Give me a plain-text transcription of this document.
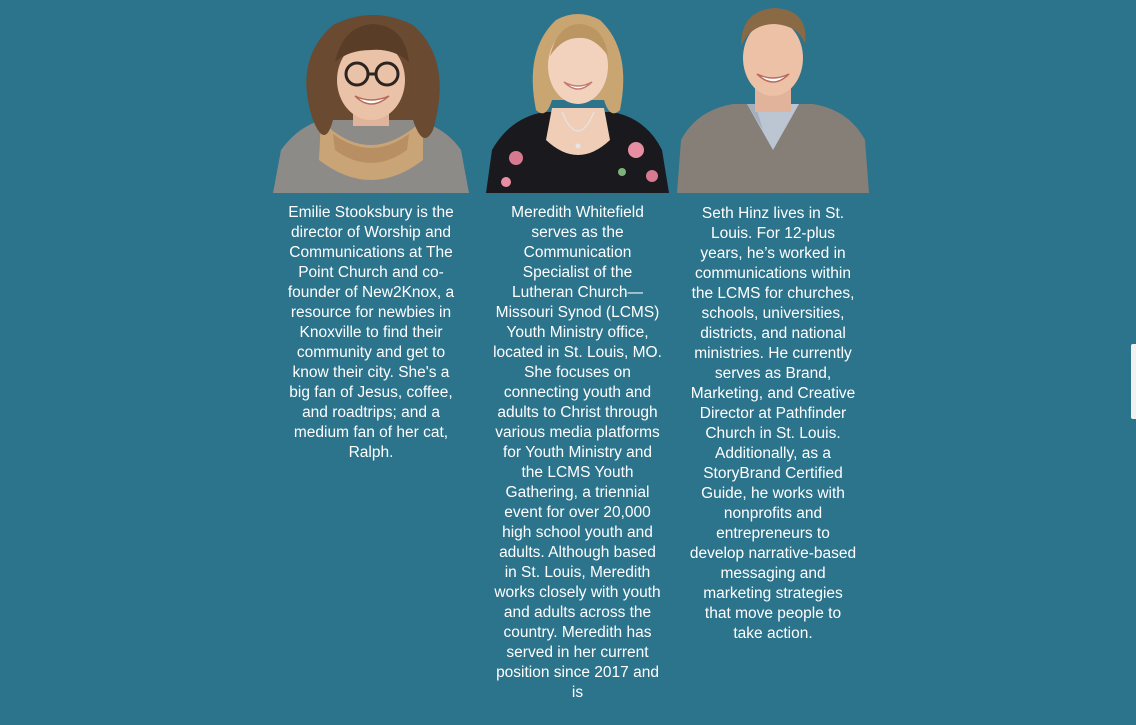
Emilie Stooksbury is the director of Worship and Communications at The Point Church and co-founder of New2Knox, a resource for newbies in Knoxville to find their community and get to know their city. She's a big fan of Jesus, coffee, and roadtrips; and a medium fan of her cat, Ralph.
Meredith Whitefield serves as the Communication Specialist of the Lutheran Church—Missouri Synod (LCMS) Youth Ministry office, located in St. Louis, MO. She focuses on connecting youth and adults to Christ through various media platforms for Youth Ministry and the LCMS Youth Gathering, a triennial event for over 20,000 high school youth and adults. Although based in St. Louis, Meredith works closely with youth and adults across the country. Meredith has served in her current position since 2017 and is
Seth Hinz lives in St. Louis. For 12-plus years, he’s worked in communications within the LCMS for churches, schools, universities, districts, and national ministries. He currently serves as Brand, Marketing, and Creative Director at Pathfinder Church in St. Louis. Additionally, as a StoryBrand Certified Guide, he works with nonprofits and entrepreneurs to develop narrative-based messaging and marketing strategies that move people to take action.
